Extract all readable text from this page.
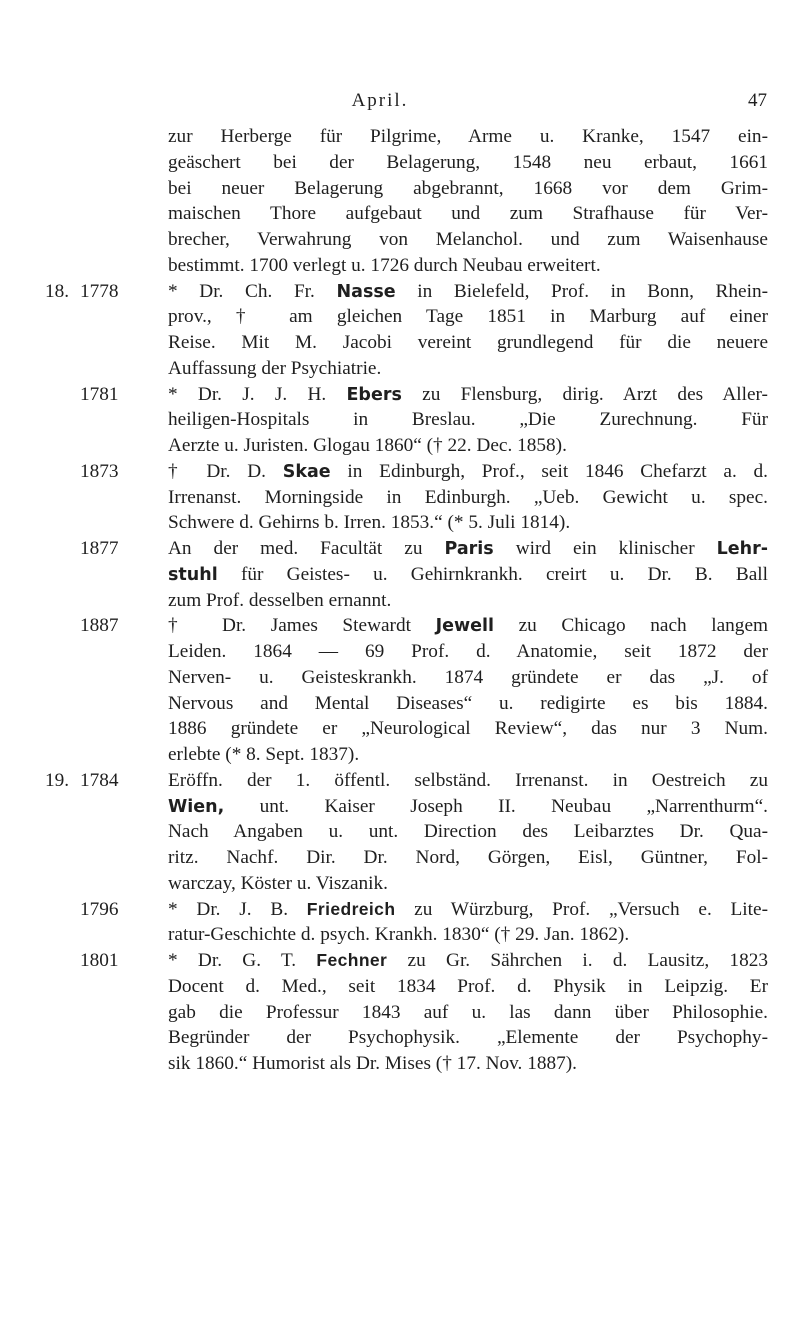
April.	47
zur Herberge für Pilgrime, Arme u. Kranke, 1547 ein-
geäschert bei der Belagerung, 1548 neu erbaut, 1661
bei neuer Belagerung abgebrannt, 1668 vor dem Grim-
maischen Thore aufgebaut und zum Strafhause für Ver-
brecher, Verwahrung von Melanchol. und zum Waisenhause
bestimmt. 1700 verlegt u. 1726 durch Neubau erweitert.
18. 1778	* Dr. Ch. Fr. Nasse in Bielefeld, Prof. in Bonn, Rhein-
prov., † am gleichen Tage 1851 in Marburg auf einer
Reise. Mit M. Jacobi vereint grundlegend für die neuere
Auffassung der Psychiatrie.
1781	* Dr. J. J. H. Ebers zu Flensburg, dirig. Arzt des Aller-
heiligen-Hospitals in Breslau. „Die Zurechnung. Für
Aerzte u. Juristen. Glogau 1860“ († 22. Dec. 1858).
1873	† Dr. D. Skae in Edinburgh, Prof., seit 1846 Chefarzt a. d.
Irrenanst. Morningside in Edinburgh. „Ueb. Gewicht u. spec.
Schwere d. Gehirns b. Irren. 1853.“ (* 5. Juli 1814).
1877	An der med. Facultät zu Paris wird ein klinischer Lehr-
stuhl für Geistes- u. Gehirnkrankh. creirt u. Dr. B. Ball
zum Prof. desselben ernannt.
1887	† Dr. James Stewardt Jewell zu Chicago nach langem
Leiden. 1864 — 69 Prof. d. Anatomie, seit 1872 der
Nerven- u. Geisteskrankh. 1874 gründete er das „J. of
Nervous and Mental Diseases“ u. redigirte es bis 1884.
1886 gründete er „Neurological Review“, das nur 3 Num.
erlebte (* 8. Sept. 1837).
19. 1784	Eröffn. der 1. öffentl. selbständ. Irrenanst. in Oestreich zu
Wien, unt. Kaiser Joseph II. Neubau „Narrenthurm“.
Nach Angaben u. unt. Direction des Leibarztes Dr. Qua-
ritz. Nachf. Dir. Dr. Nord, Görgen, Eisl, Güntner, Fol-
warczay, Köster u. Viszanik.
1796	* Dr. J. B. Friedreich zu Würzburg, Prof. „Versuch e. Lite-
ratur-Geschichte d. psych. Krankh. 1830“ († 29. Jan. 1862).
1801	* Dr. G. T. Fechner zu Gr. Sährchen i. d. Lausitz, 1823
Docent d. Med., seit 1834 Prof. d. Physik in Leipzig. Er
gab die Professur 1843 auf u. las dann über Philosophie.
Begründer der Psychophysik. „Elemente der Psychophy-
sik 1860.“ Humorist als Dr. Mises († 17. Nov. 1887).
